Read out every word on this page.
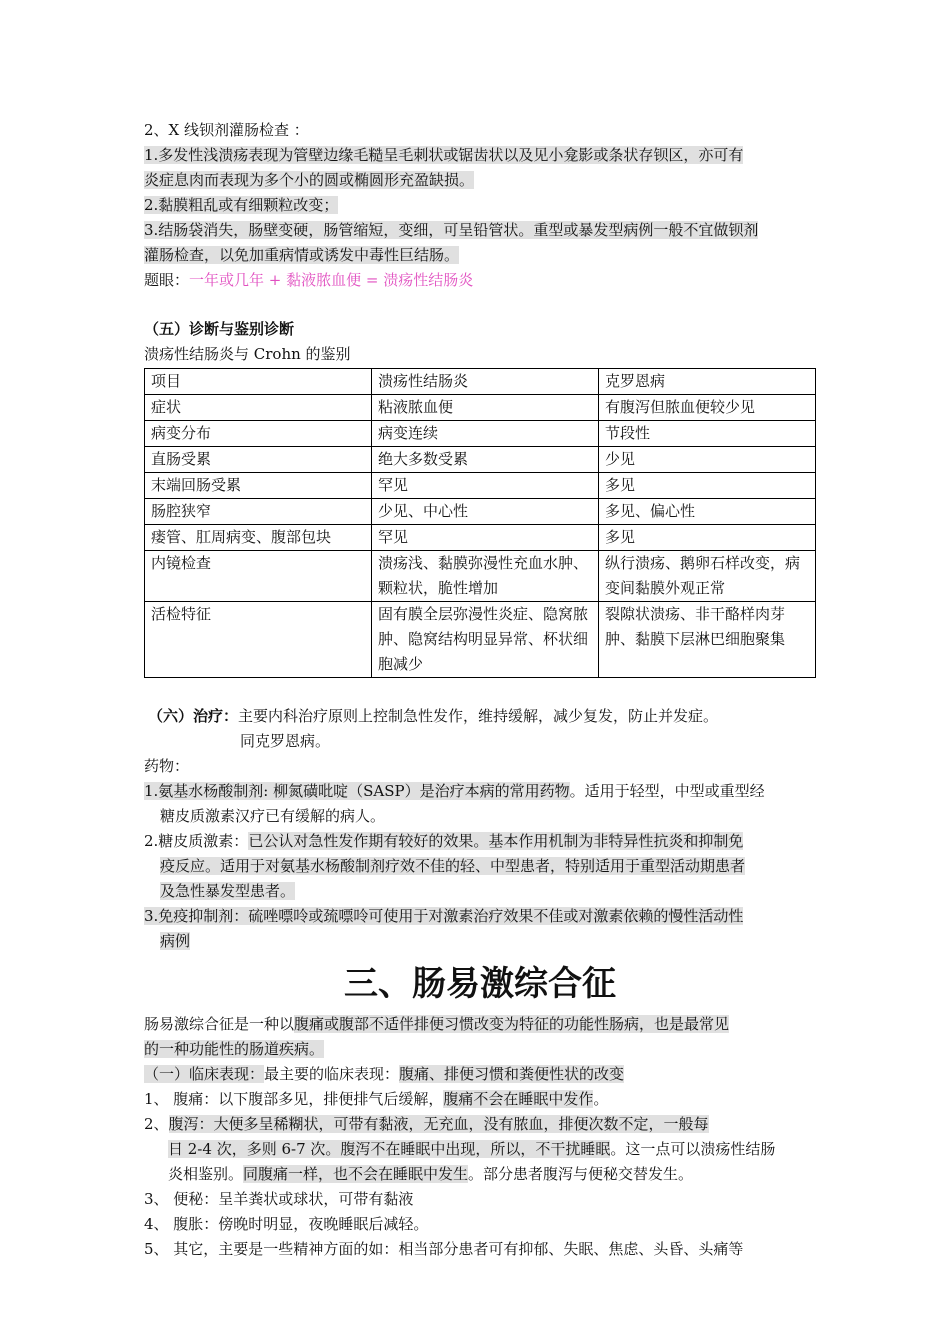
2、X 线钡剂灌肠检查 ：
1.多发性浅溃疡表现为管壁边缘毛糙呈毛刺状或锯齿状以及见小龛影或条状存钡区，亦可有
炎症息肉而表现为多个小的圆或椭圆形充盈缺损。
2.黏膜粗乱或有细颗粒改变；
3.结肠袋消失，肠壁变硬，肠管缩短，变细，可呈铅管状。重型或暴发型病例一般不宜做钡剂
灌肠检查，以免加重病情或诱发中毒性巨结肠。
题眼：一年或几年 + 黏液脓血便 = 溃疡性结肠炎
（五）诊断与鉴别诊断
溃疡性结肠炎与 Crohn 的鉴别
项目	溃疡性结肠炎	克罗恩病
症状	粘液脓血便	有腹泻但脓血便较少见
病变分布	病变连续	节段性
直肠受累	绝大多数受累	少见
末端回肠受累	罕见	多见
肠腔狭窄	少见、中心性	多见、偏心性
瘘管、肛周病变、腹部包块	罕见	多见
内镜检查	溃疡浅、黏膜弥漫性充血水肿、颗粒状，脆性增加	纵行溃疡、鹅卵石样改变，病变间黏膜外观正常
活检特征	固有膜全层弥漫性炎症、隐窝脓肿、隐窝结构明显异常、杯状细胞减少	裂隙状溃疡、非干酪样肉芽肿、黏膜下层淋巴细胞聚集
（六）治疗：主要内科治疗原则上控制急性发作，维持缓解，减少复发，防止并发症。
同克罗恩病。
药物：
1.氨基水杨酸制剂: 柳氮磺吡啶（SASP）是治疗本病的常用药物。适用于轻型，中型或重型经
糖皮质激素汉疗已有缓解的病人。
2.糖皮质激素：已公认对急性发作期有较好的效果。基本作用机制为非特异性抗炎和抑制免
疫反应。适用于对氨基水杨酸制剂疗效不佳的轻、中型患者，特别适用于重型活动期患者
及急性暴发型患者。
3.免疫抑制剂：硫唑嘌呤或巯嘌呤可使用于对激素治疗效果不佳或对激素依赖的慢性活动性
病例
三、肠易激综合征
肠易激综合征是一种以腹痛或腹部不适伴排便习惯改变为特征的功能性肠病，也是最常见
的一种功能性的肠道疾病。
（一）临床表现：最主要的临床表现：腹痛、排便习惯和粪便性状的改变
1、 腹痛：以下腹部多见，排便排气后缓解，腹痛不会在睡眠中发作。
2、腹泻：大便多呈稀糊状，可带有黏液，无充血，没有脓血，排便次数不定，一般每
日 2-4 次，多则 6-7 次。腹泻不在睡眠中出现，所以，不干扰睡眠。这一点可以溃疡性结肠
炎相鉴别。同腹痛一样，也不会在睡眠中发生。部分患者腹泻与便秘交替发生。
3、 便秘：呈羊粪状或球状，可带有黏液
4、 腹胀：傍晚时明显，夜晚睡眠后减轻。
5、 其它，主要是一些精神方面的如：相当部分患者可有抑郁、失眠、焦虑、头昏、头痛等
